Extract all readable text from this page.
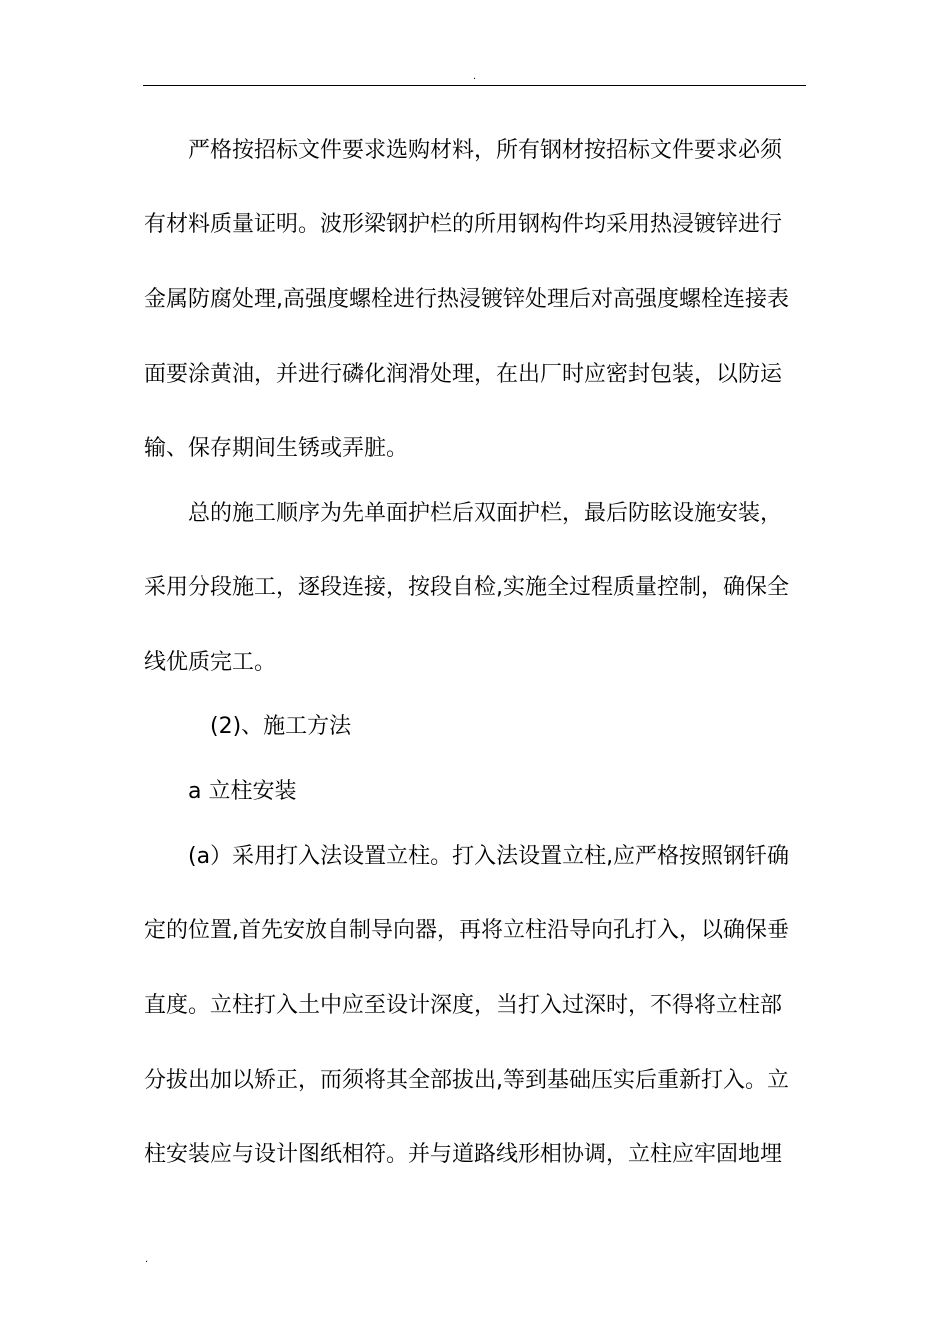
.
严格按招标文件要求选购材料，所有钢材按招标文件要求必须
有材料质量证明。波形梁钢护栏的所用钢构件均采用热浸镀锌进行
金属防腐处理,高强度螺栓进行热浸镀锌处理后对高强度螺栓连接表
面要涂黄油，并进行磷化润滑处理，在出厂时应密封包装，以防运
输、保存期间生锈或弄脏。
总的施工顺序为先单面护栏后双面护栏，最后防眩设施安装，
采用分段施工，逐段连接，按段自检,实施全过程质量控制，确保全
线优质完工。
(2)、施工方法
a 立柱安装
(a）采用打入法设置立柱。打入法设置立柱,应严格按照钢钎确
定的位置,首先安放自制导向器，再将立柱沿导向孔打入，以确保垂
直度。立柱打入土中应至设计深度，当打入过深时，不得将立柱部
分拔出加以矫正，而须将其全部拔出,等到基础压实后重新打入。立
柱安装应与设计图纸相符。并与道路线形相协调，立柱应牢固地埋
.
